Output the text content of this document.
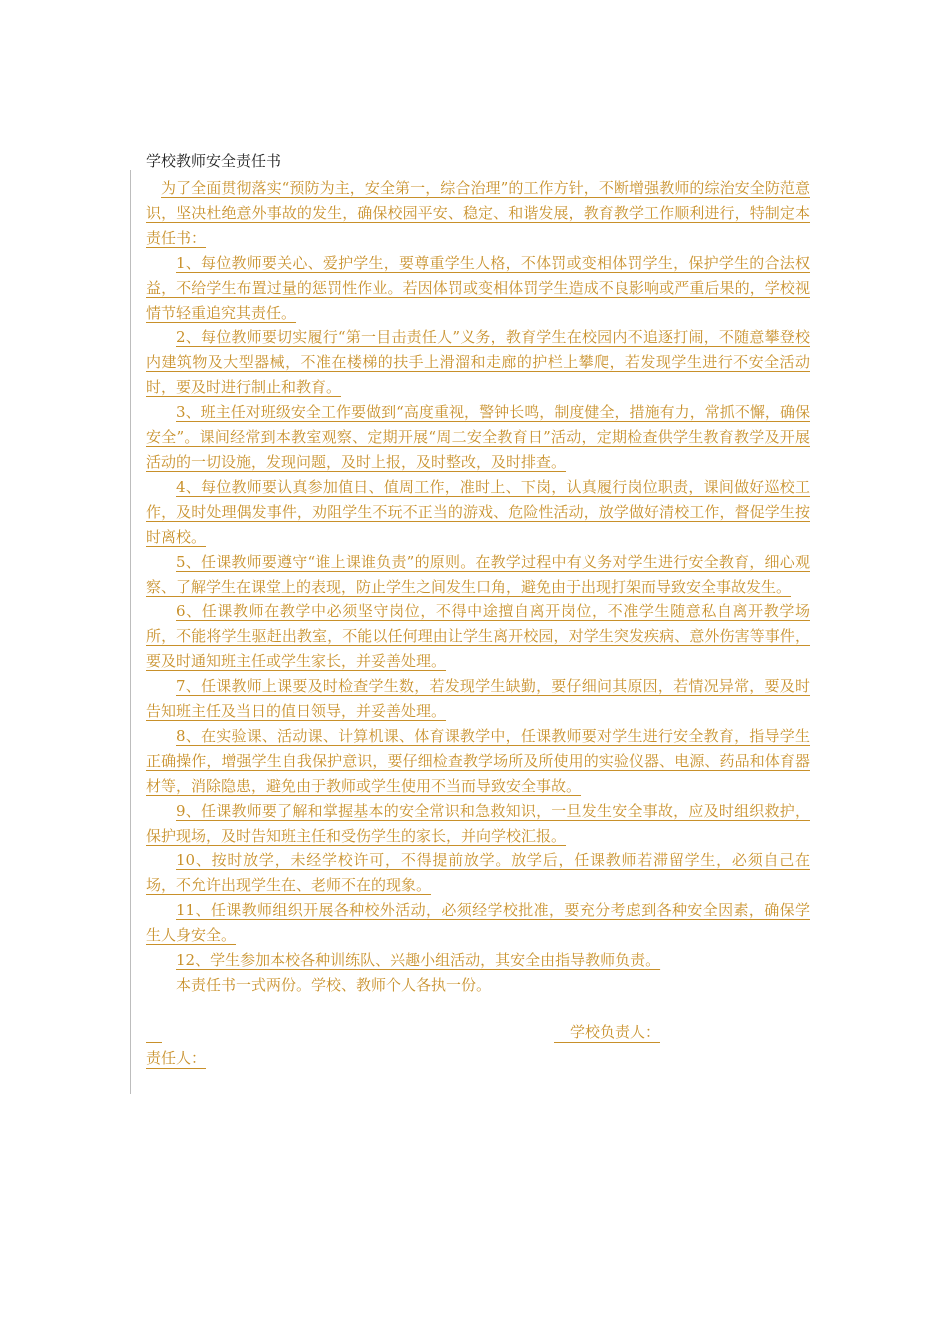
学校教师安全责任书

为了全面贯彻落实“预防为主，安全第一，综合治理”的工作方针，不断增强教师的综治安全防范意识，坚决杜绝意外事故的发生，确保校园平安、稳定、和谐发展，教育教学工作顺利进行，特制定本责任书：

1、每位教师要关心、爱护学生，要尊重学生人格，不体罚或变相体罚学生，保护学生的合法权益，不给学生布置过量的惩罚性作业。若因体罚或变相体罚学生造成不良影响或严重后果的，学校视情节轻重追究其责任。

2、每位教师要切实履行“第一目击责任人”义务，教育学生在校园内不追逐打闹，不随意攀登校内建筑物及大型器械，不准在楼梯的扶手上滑溜和走廊的护栏上攀爬，若发现学生进行不安全活动时，要及时进行制止和教育。

3、班主任对班级安全工作要做到“高度重视，警钟长鸣，制度健全，措施有力，常抓不懈，确保安全”。课间经常到本教室观察、定期开展“周二安全教育日”活动，定期检查供学生教育教学及开展活动的一切设施，发现问题，及时上报，及时整改，及时排查。

4、每位教师要认真参加值日、值周工作，准时上、下岗，认真履行岗位职责，课间做好巡校工作，及时处理偶发事件，劝阻学生不玩不正当的游戏、危险性活动，放学做好清校工作，督促学生按时离校。

5、任课教师要遵守“谁上课谁负责”的原则。在教学过程中有义务对学生进行安全教育，细心观察、了解学生在课堂上的表现，防止学生之间发生口角，避免由于出现打架而导致安全事故发生。

6、任课教师在教学中必须坚守岗位，不得中途擅自离开岗位，不准学生随意私自离开教学场所，不能将学生驱赶出教室，不能以任何理由让学生离开校园，对学生突发疾病、意外伤害等事件，要及时通知班主任或学生家长，并妥善处理。

7、任课教师上课要及时检查学生数，若发现学生缺勤，要仔细问其原因，若情况异常，要及时告知班主任及当日的值日领导，并妥善处理。

8、在实验课、活动课、计算机课、体育课教学中，任课教师要对学生进行安全教育，指导学生正确操作，增强学生自我保护意识，要仔细检查教学场所及所使用的实验仪器、电源、药品和体育器材等，消除隐患，避免由于教师或学生使用不当而导致安全事故。

9、任课教师要了解和掌握基本的安全常识和急救知识，一旦发生安全事故，应及时组织救护，保护现场，及时告知班主任和受伤学生的家长，并向学校汇报。

10、按时放学，未经学校许可，不得提前放学。放学后，任课教师若滞留学生，必须自己在场，不允许出现学生在、老师不在的现象。

11、任课教师组织开展各种校外活动，必须经学校批准，要充分考虑到各种安全因素，确保学生人身安全。

12、学生参加本校各种训练队、兴趣小组活动，其安全由指导教师负责。

本责任书一式两份。学校、教师个人各执一份。

学校负责人：
责任人：
